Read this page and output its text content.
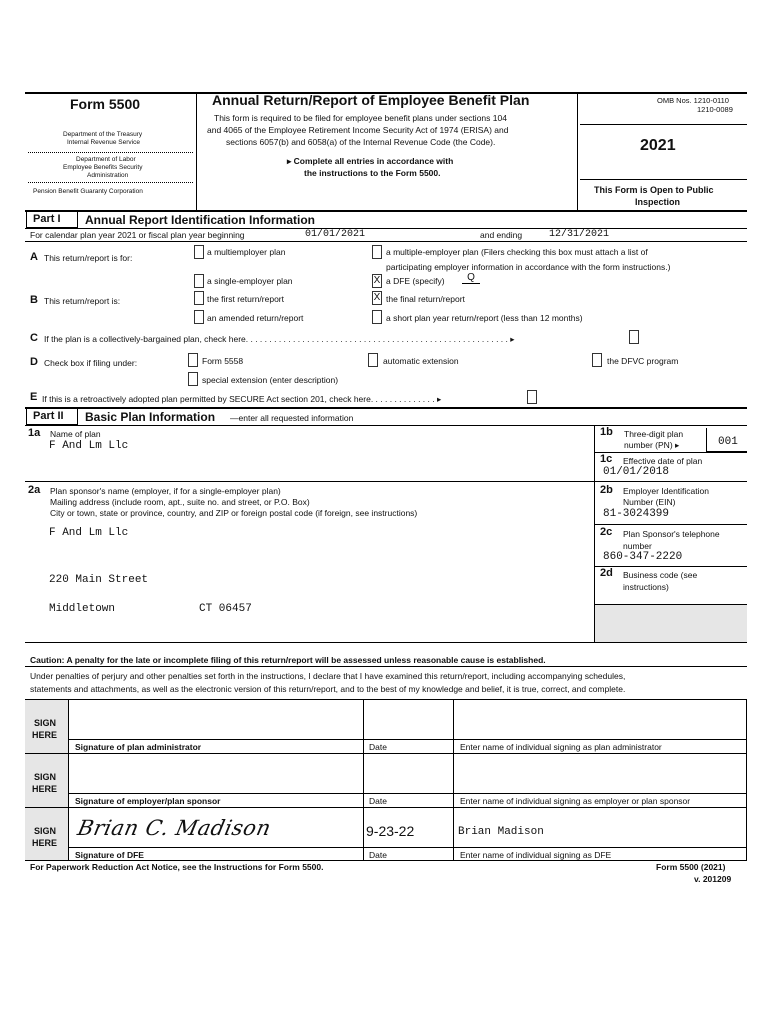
Form 5500
Department of the Treasury
Internal Revenue Service
Department of Labor
Employee Benefits Security
Administration
Pension Benefit Guaranty Corporation
Annual Return/Report of Employee Benefit Plan
This form is required to be filed for employee benefit plans under sections 104
and 4065 of the Employee Retirement Income Security Act of 1974 (ERISA) and
sections 6057(b) and 6058(a) of the Internal Revenue Code (the Code).
▸ Complete all entries in accordance with
the instructions to the Form 5500.
OMB Nos. 1210-0110
1210-0089
2021
This Form is Open to Public
Inspection
Part I	Annual Report Identification Information
For calendar plan year 2021 or fiscal plan year beginning	01/01/2021	and ending	12/31/2021
A This return/report is for:
a multiemployer plan	a multiple-employer plan (Filers checking this box must attach a list of
participating employer information in accordance with the form instructions.)
a single-employer plan	X a DFE (specify)	Q
B This return/report is:	the first return/report	X the final return/report
an amended return/report	a short plan year return/report (less than 12 months)
C If the plan is a collectively-bargained plan, check here. . . . . . . . . . . . . . . . . . . . . . . . . . . . . . . . . . . . . . . . . . . . . . . . . . . . . . . . ▸
D Check box if filing under:	Form 5558	automatic extension	the DFVC program
special extension (enter description)
E If this is a retroactively adopted plan permitted by SECURE Act section 201, check here. . . . . . . . . . . . . . ▸
Part II	Basic Plan Information —enter all requested information
1a Name of plan
F And Lm Llc
1b Three-digit plan
number (PN) ▸	001
1c Effective date of plan
01/01/2018
2a Plan sponsor's name (employer, if for a single-employer plan)
Mailing address (include room, apt., suite no. and street, or P.O. Box)
City or town, state or province, country, and ZIP or foreign postal code (if foreign, see instructions)
F And Lm Llc
220 Main Street
Middletown	CT 06457
2b Employer Identification
Number (EIN)
81-3024399
2c Plan Sponsor's telephone
number
860-347-2220
2d Business code (see
instructions)
Caution: A penalty for the late or incomplete filing of this return/report will be assessed unless reasonable cause is established.
Under penalties of perjury and other penalties set forth in the instructions, I declare that I have examined this return/report, including accompanying schedules,
statements and attachments, as well as the electronic version of this return/report, and to the best of my knowledge and belief, it is true, correct, and complete.
SIGN
HERE
Signature of plan administrator	Date	Enter name of individual signing as plan administrator
SIGN
HERE
Signature of employer/plan sponsor	Date	Enter name of individual signing as employer or plan sponsor
SIGN
HERE
Brian C. Madison	9-23-22	Brian Madison
Signature of DFE	Date	Enter name of individual signing as DFE
For Paperwork Reduction Act Notice, see the Instructions for Form 5500.	Form 5500 (2021)
v. 201209
